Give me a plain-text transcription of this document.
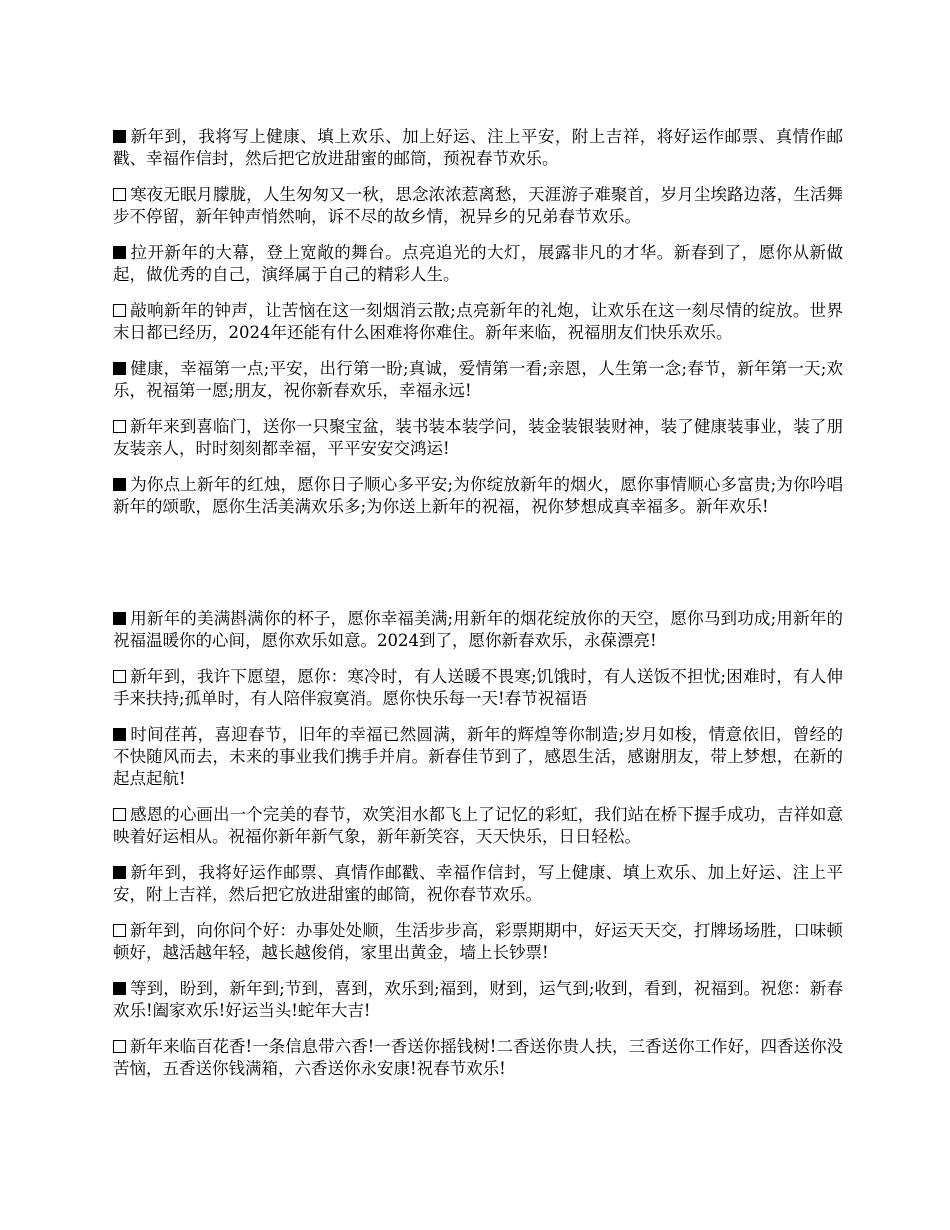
新年到，我将写上健康、填上欢乐、加上好运、注上平安，附上吉祥，将好运作邮票、真情作邮戳、幸福作信封，然后把它放进甜蜜的邮筒，预祝春节欢乐。

寒夜无眠月朦胧，人生匆匆又一秋，思念浓浓惹离愁，天涯游子难聚首，岁月尘埃路边落，生活舞步不停留，新年钟声悄然响，诉不尽的故乡情，祝异乡的兄弟春节欢乐。

拉开新年的大幕，登上宽敞的舞台。点亮追光的大灯，展露非凡的才华。新春到了，愿你从新做起，做优秀的自己，演绎属于自己的精彩人生。

敲响新年的钟声，让苦恼在这一刻烟消云散;点亮新年的礼炮，让欢乐在这一刻尽情的绽放。世界末日都已经历，2024年还能有什么困难将你难住。新年来临，祝福朋友们快乐欢乐。

健康，幸福第一点;平安，出行第一盼;真诚，爱情第一看;亲恩，人生第一念;春节，新年第一天;欢乐，祝福第一愿;朋友，祝你新春欢乐，幸福永远!

新年来到喜临门，送你一只聚宝盆，装书装本装学问，装金装银装财神，装了健康装事业，装了朋友装亲人，时时刻刻都幸福，平平安安交鸿运!

为你点上新年的红烛，愿你日子顺心多平安;为你绽放新年的烟火，愿你事情顺心多富贵;为你吟唱新年的颂歌，愿你生活美满欢乐多;为你送上新年的祝福，祝你梦想成真幸福多。新年欢乐!

用新年的美满斟满你的杯子，愿你幸福美满;用新年的烟花绽放你的天空，愿你马到功成;用新年的祝福温暖你的心间，愿你欢乐如意。2024到了，愿你新春欢乐，永葆漂亮!

新年到，我许下愿望，愿你：寒冷时，有人送暖不畏寒;饥饿时，有人送饭不担忧;困难时，有人伸手来扶持;孤单时，有人陪伴寂寞消。愿你快乐每一天!春节祝福语

时间荏苒，喜迎春节，旧年的幸福已然圆满，新年的辉煌等你制造;岁月如梭，情意依旧，曾经的不快随风而去，未来的事业我们携手并肩。新春佳节到了，感恩生活，感谢朋友，带上梦想，在新的起点起航!

感恩的心画出一个完美的春节，欢笑泪水都飞上了记忆的彩虹，我们站在桥下握手成功，吉祥如意映着好运相从。祝福你新年新气象，新年新笑容，天天快乐，日日轻松。

新年到，我将好运作邮票、真情作邮戳、幸福作信封，写上健康、填上欢乐、加上好运、注上平安，附上吉祥，然后把它放进甜蜜的邮筒，祝你春节欢乐。

新年到，向你问个好：办事处处顺，生活步步高，彩票期期中，好运天天交，打牌场场胜，口味顿顿好，越活越年轻，越长越俊俏，家里出黄金，墙上长钞票!

等到，盼到，新年到;节到，喜到，欢乐到;福到，财到，运气到;收到，看到，祝福到。祝您：新春欢乐!阖家欢乐!好运当头!蛇年大吉!

新年来临百花香!一条信息带六香!一香送你摇钱树!二香送你贵人扶，三香送你工作好，四香送你没苦恼，五香送你钱满箱，六香送你永安康!祝春节欢乐!
